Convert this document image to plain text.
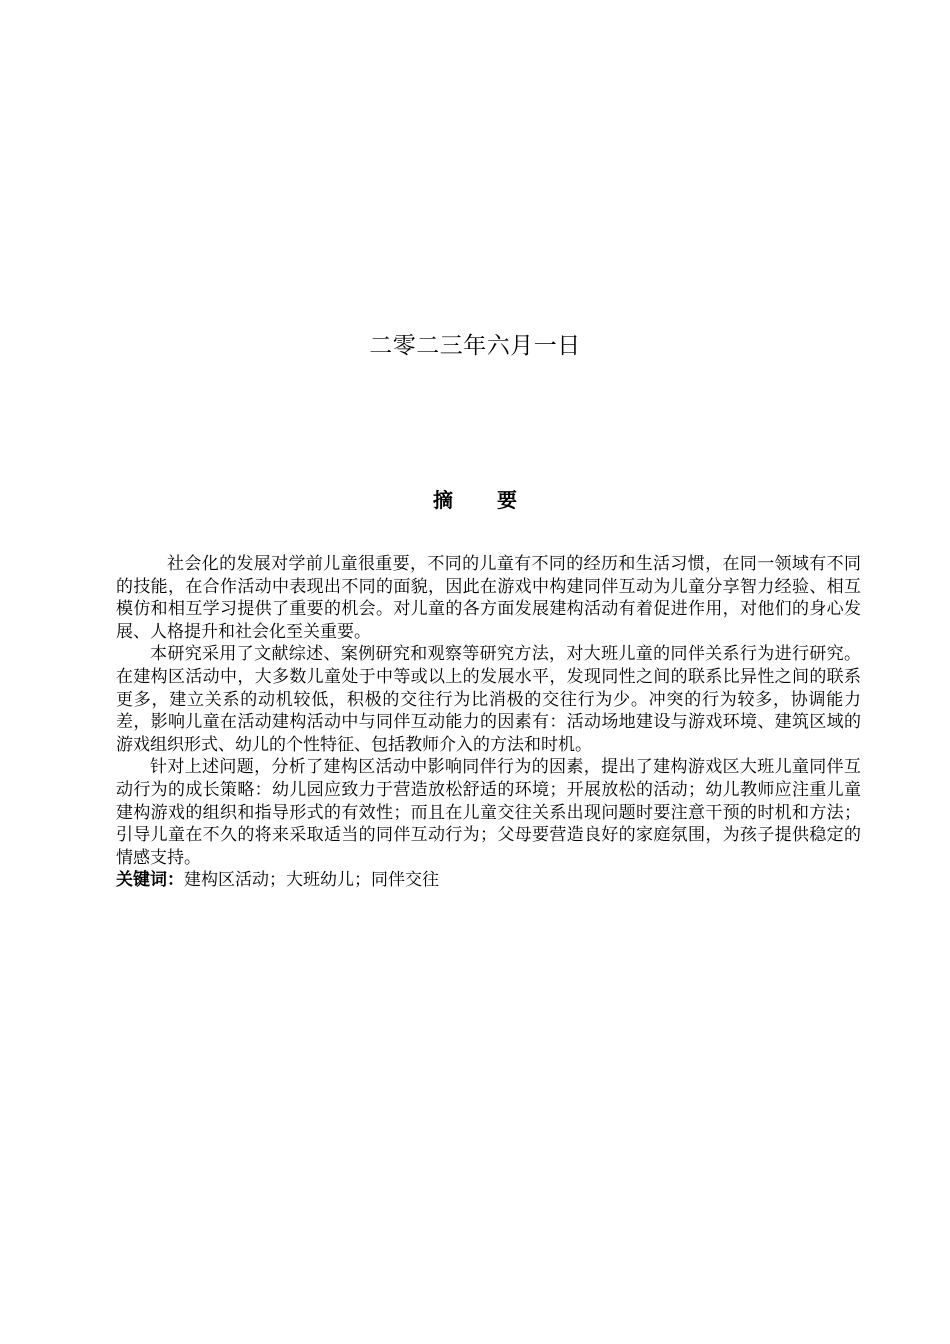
二零二三年六月一日
摘 要

社会化的发展对学前儿童很重要，不同的儿童有不同的经历和生活习惯，在同一领域有不同的技能，在合作活动中表现出不同的面貌，因此在游戏中构建同伴互动为儿童分享智力经验、相互模仿和相互学习提供了重要的机会。对儿童的各方面发展建构活动有着促进作用，对他们的身心发展、人格提升和社会化至关重要。

本研究采用了文献综述、案例研究和观察等研究方法，对大班儿童的同伴关系行为进行研究。在建构区活动中，大多数儿童处于中等或以上的发展水平，发现同性之间的联系比异性之间的联系更多，建立关系的动机较低，积极的交往行为比消极的交往行为少。冲突的行为较多，协调能力差，影响儿童在活动建构活动中与同伴互动能力的因素有：活动场地建设与游戏环境、建筑区域的游戏组织形式、幼儿的个性特征、包括教师介入的方法和时机。

针对上述问题，分析了建构区活动中影响同伴行为的因素，提出了建构游戏区大班儿童同伴互动行为的成长策略：幼儿园应致力于营造放松舒适的环境；开展放松的活动；幼儿教师应注重儿童建构游戏的组织和指导形式的有效性；而且在儿童交往关系出现问题时要注意干预的时机和方法；引导儿童在不久的将来采取适当的同伴互动行为；父母要营造良好的家庭氛围，为孩子提供稳定的情感支持。

关键词：建构区活动；大班幼儿；同伴交往
